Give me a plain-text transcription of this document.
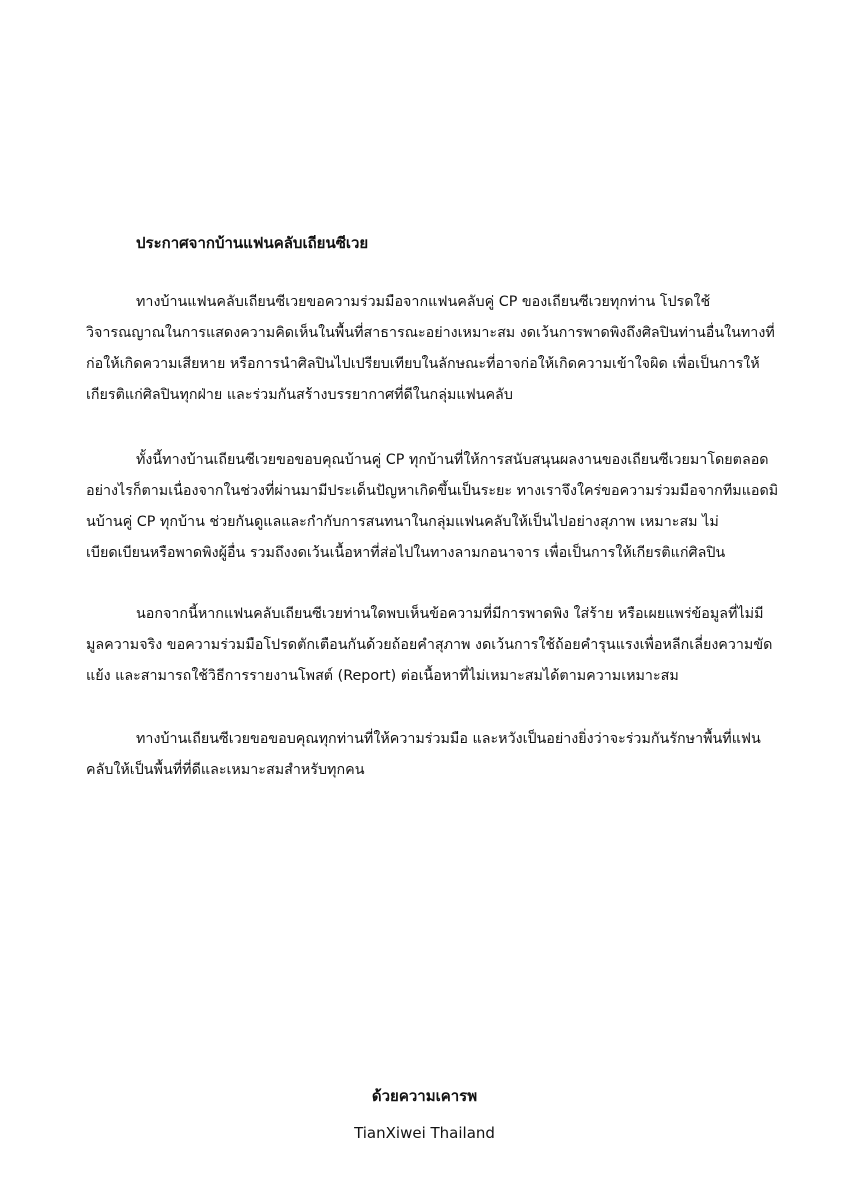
ประกาศจากบ้านแฟนคลับเถียนซีเวย

ทางบ้านแฟนคลับเถียนซีเวยขอความร่วมมือจากแฟนคลับคู่ CP ของเถียนซีเวยทุกท่าน โปรดใช้
วิจารณญาณในการแสดงความคิดเห็นในพื้นที่สาธารณะอย่างเหมาะสม งดเว้นการพาดพิงถึงศิลปินท่านอื่นในทางที่
ก่อให้เกิดความเสียหาย หรือการนำศิลปินไปเปรียบเทียบในลักษณะที่อาจก่อให้เกิดความเข้าใจผิด เพื่อเป็นการให้
เกียรติแก่ศิลปินทุกฝ่าย และร่วมกันสร้างบรรยากาศที่ดีในกลุ่มแฟนคลับ

ทั้งนี้ทางบ้านเถียนซีเวยขอขอบคุณบ้านคู่ CP ทุกบ้านที่ให้การสนับสนุนผลงานของเถียนซีเวยมาโดยตลอด
อย่างไรก็ตามเนื่องจากในช่วงที่ผ่านมามีประเด็นปัญหาเกิดขึ้นเป็นระยะ ทางเราจึงใคร่ขอความร่วมมือจากทีมแอดมิ
นบ้านคู่ CP ทุกบ้าน ช่วยกันดูแลและกำกับการสนทนาในกลุ่มแฟนคลับให้เป็นไปอย่างสุภาพ เหมาะสม ไม่
เบียดเบียนหรือพาดพิงผู้อื่น รวมถึงงดเว้นเนื้อหาที่ส่อไปในทางลามกอนาจาร เพื่อเป็นการให้เกียรติแก่ศิลปิน

นอกจากนี้หากแฟนคลับเถียนซีเวยท่านใดพบเห็นข้อความที่มีการพาดพิง ใส่ร้าย หรือเผยแพร่ข้อมูลที่ไม่มี
มูลความจริง ขอความร่วมมือโปรดตักเตือนกันด้วยถ้อยคำสุภาพ งดเว้นการใช้ถ้อยคำรุนแรงเพื่อหลีกเลี่ยงความขัด
แย้ง และสามารถใช้วิธีการรายงานโพสต์ (Report) ต่อเนื้อหาที่ไม่เหมาะสมได้ตามความเหมาะสม

ทางบ้านเถียนซีเวยขอขอบคุณทุกท่านที่ให้ความร่วมมือ และหวังเป็นอย่างยิ่งว่าจะร่วมกันรักษาพื้นที่แฟน
คลับให้เป็นพื้นที่ที่ดีและเหมาะสมสำหรับทุกคน

ด้วยความเคารพ
TianXiwei Thailand
